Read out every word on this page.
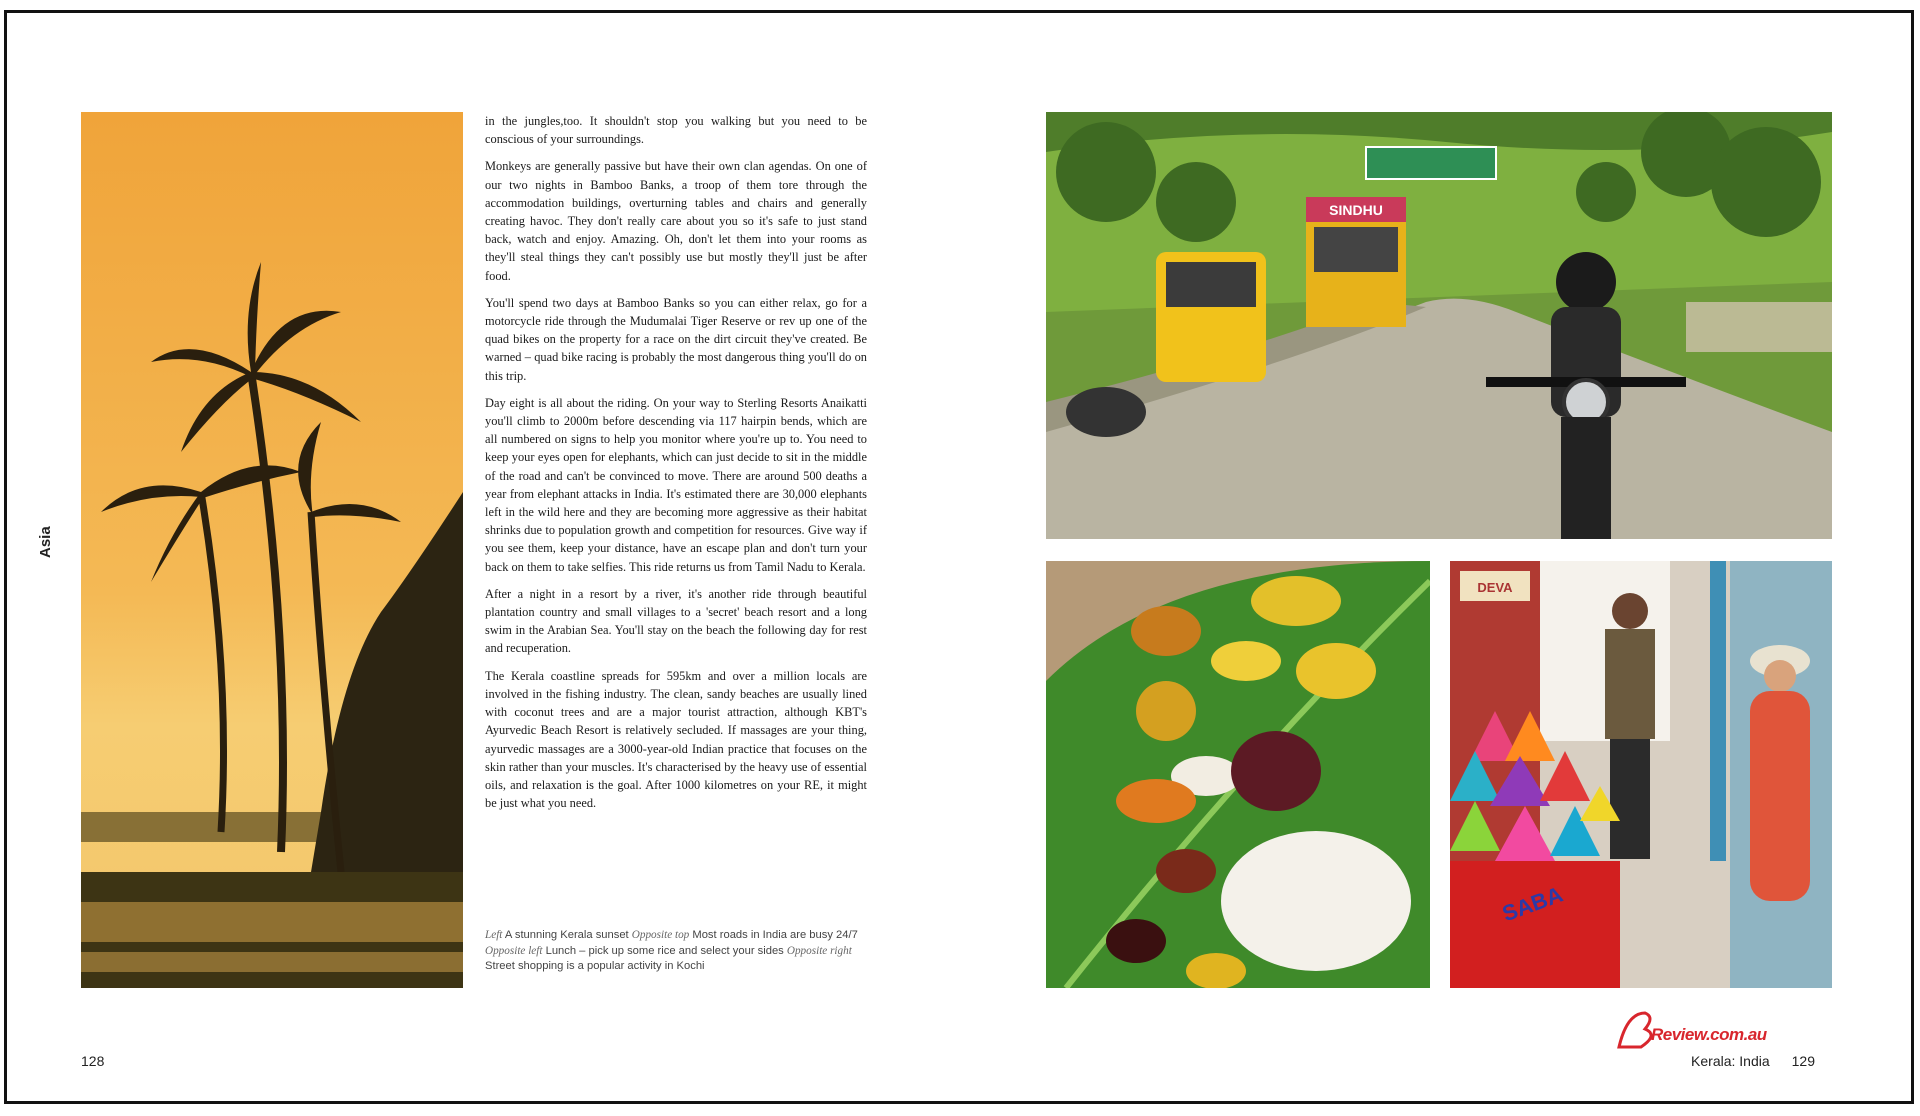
Asia

in the jungles,too. It shouldn't stop you walking but you need to be conscious of your surroundings.

Monkeys are generally passive but have their own clan agendas. On one of our two nights in Bamboo Banks, a troop of them tore through the accommodation buildings, overturning tables and chairs and generally creating havoc. They don't really care about you so it's safe to just stand back, watch and enjoy. Amazing. Oh, don't let them into your rooms as they'll steal things they can't possibly use but mostly they'll just be after food.

You'll spend two days at Bamboo Banks so you can either relax, go for a motorcycle ride through the Mudumalai Tiger Reserve or rev up one of the quad bikes on the property for a race on the dirt circuit they've created. Be warned – quad bike racing is probably the most dangerous thing you'll do on this trip.

Day eight is all about the riding. On your way to Sterling Resorts Anaikatti you'll climb to 2000m before descending via 117 hairpin bends, which are all numbered on signs to help you monitor where you're up to. You need to keep your eyes open for elephants, which can just decide to sit in the middle of the road and can't be convinced to move. There are around 500 deaths a year from elephant attacks in India. It's estimated there are 30,000 elephants left in the wild here and they are becoming more aggressive as their habitat shrinks due to population growth and competition for resources. Give way if you see them, keep your distance, have an escape plan and don't turn your back on them to take selfies. This ride returns us from Tamil Nadu to Kerala.

After a night in a resort by a river, it's another ride through beautiful plantation country and small villages to a 'secret' beach resort and a long swim in the Arabian Sea. You'll stay on the beach the following day for rest and recuperation.

The Kerala coastline spreads for 595km and over a million locals are involved in the fishing industry. The clean, sandy beaches are usually lined with coconut trees and are a major tourist attraction, although KBT's Ayurvedic Beach Resort is relatively secluded. If massages are your thing, ayurvedic massages are a 3000-year-old Indian practice that focuses on the skin rather than your muscles. It's characterised by the heavy use of essential oils, and relaxation is the goal. After 1000 kilometres on your RE, it might be just what you need.

Left A stunning Kerala sunset Opposite top Most roads in India are busy 24/7 Opposite left Lunch – pick up some rice and select your sides Opposite right Street shopping is a popular activity in Kochi
128
SINDHU
DEVA
SABA
Review.com.au
Kerala: India 129
